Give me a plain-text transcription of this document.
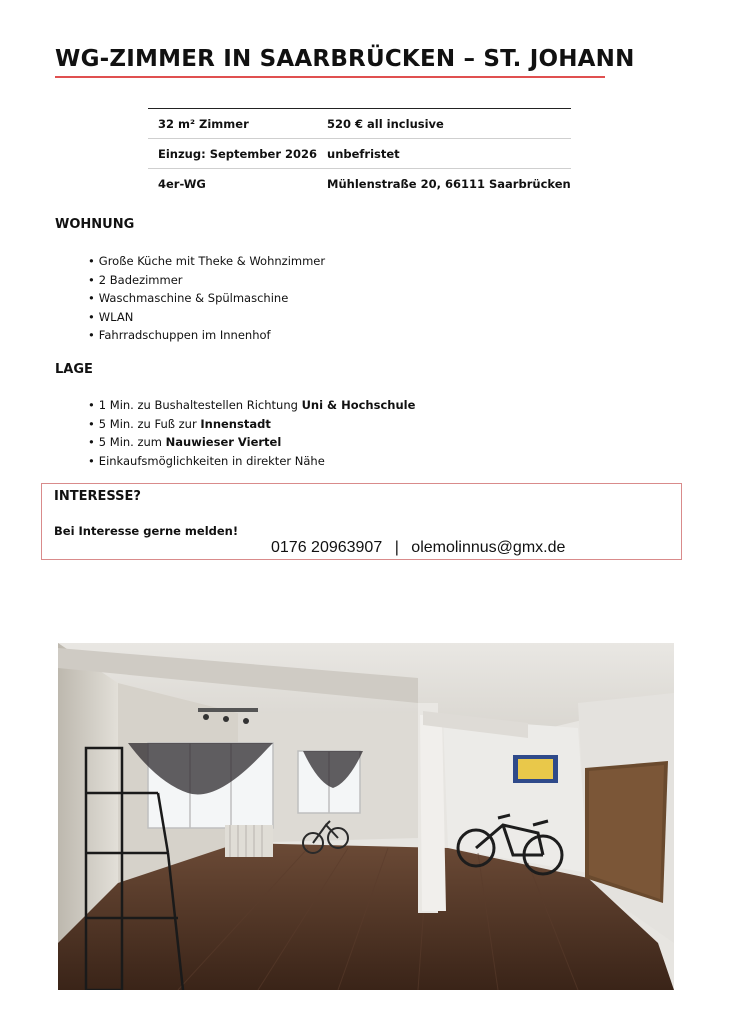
WG-ZIMMER IN SAARBRÜCKEN – ST. JOHANN
32 m² Zimmer	520 € all inclusive
Einzug: September 2026	unbefristet
4er-WG	Mühlenstraße 20, 66111 Saarbrücken
WOHNUNG
• Große Küche mit Theke & Wohnzimmer
• 2 Badezimmer
• Waschmaschine & Spülmaschine
• WLAN
• Fahrradschuppen im Innenhof
LAGE
• 1 Min. zu Bushaltestellen Richtung Uni & Hochschule
• 5 Min. zu Fuß zur Innenstadt
• 5 Min. zum Nauwieser Viertel
• Einkaufsmöglichkeiten in direkter Nähe
INTERESSE?
Bei Interesse gerne melden!
0176 20963907 | olemolinnus@gmx.de
